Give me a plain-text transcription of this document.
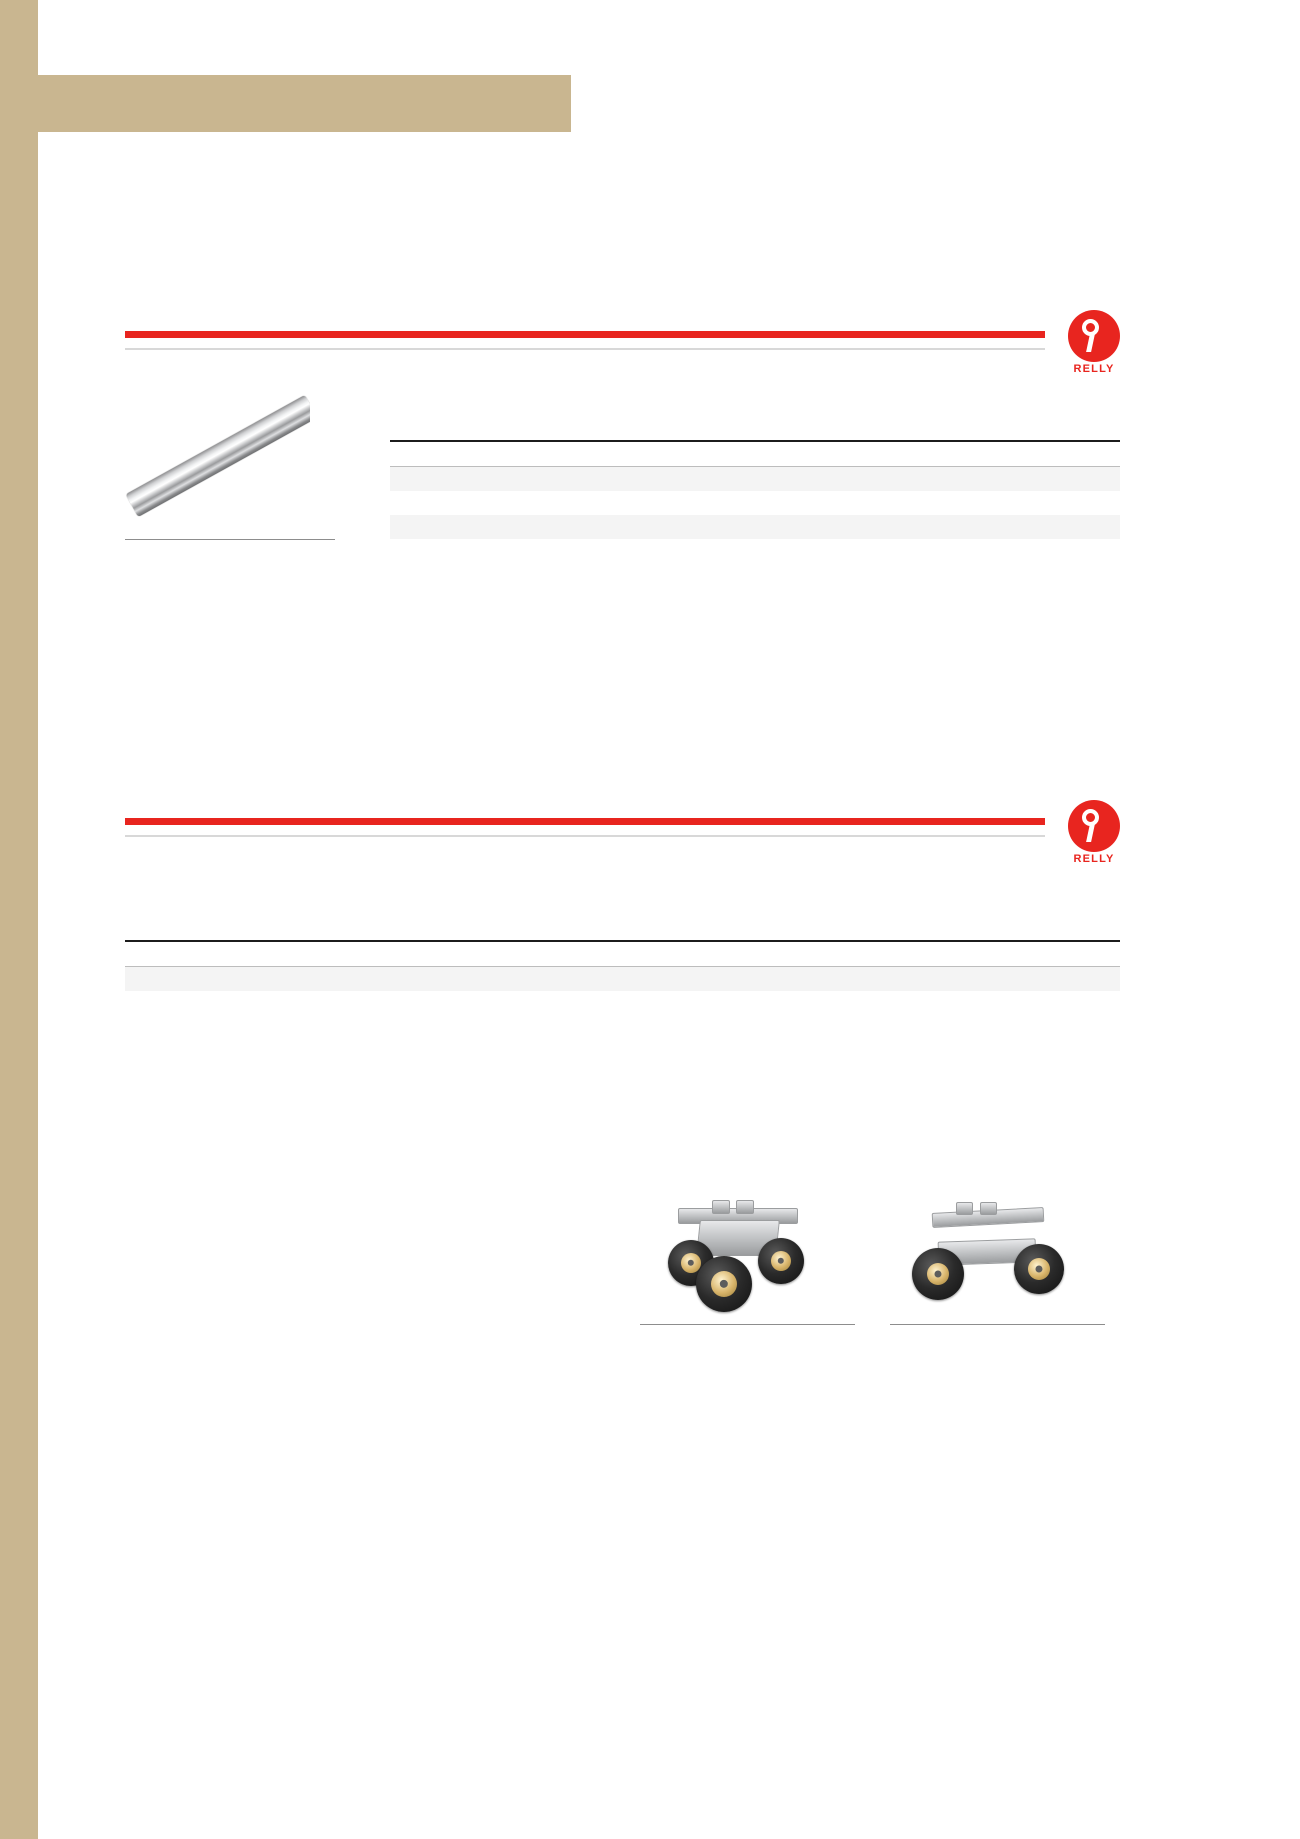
RELLY

RELLY
